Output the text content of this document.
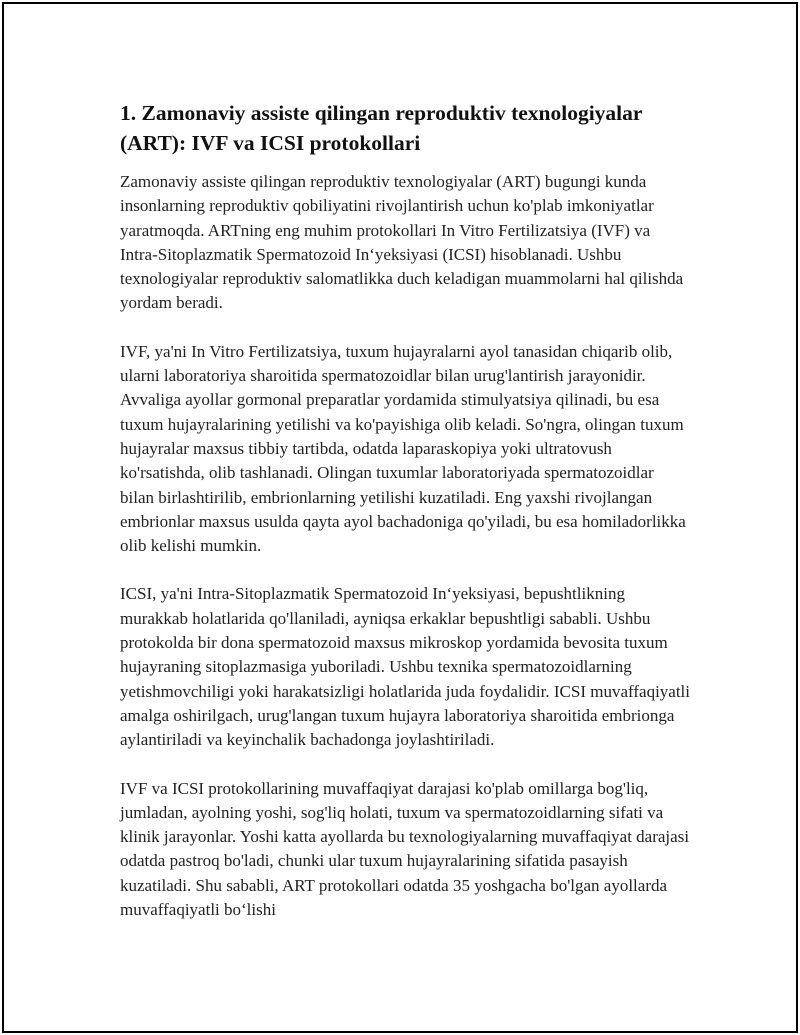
1. Zamonaviy assiste qilingan reproduktiv texnologiyalar (ART): IVF va ICSI protokollari

Zamonaviy assiste qilingan reproduktiv texnologiyalar (ART) bugungi kunda insonlarning reproduktiv qobiliyatini rivojlantirish uchun ko'plab imkoniyatlar yaratmoqda. ARTning eng muhim protokollari In Vitro Fertilizatsiya (IVF) va Intra-Sitoplazmatik Spermatozoid In‘yeksiyasi (ICSI) hisoblanadi. Ushbu texnologiyalar reproduktiv salomatlikka duch keladigan muammolarni hal qilishda yordam beradi.

IVF, ya'ni In Vitro Fertilizatsiya, tuxum hujayralarni ayol tanasidan chiqarib olib, ularni laboratoriya sharoitida spermatozoidlar bilan urug'lantirish jarayonidir. Avvaliga ayollar gormonal preparatlar yordamida stimulyatsiya qilinadi, bu esa tuxum hujayralarining yetilishi va ko'payishiga olib keladi. So'ngra, olingan tuxum hujayralar maxsus tibbiy tartibda, odatda laparaskopiya yoki ultratovush ko'rsatishda, olib tashlanadi. Olingan tuxumlar laboratoriyada spermatozoidlar bilan birlashtirilib, embrionlarning yetilishi kuzatiladi. Eng yaxshi rivojlangan embrionlar maxsus usulda qayta ayol bachadoniga qo'yiladi, bu esa homiladorlikka olib kelishi mumkin.

ICSI, ya'ni Intra-Sitoplazmatik Spermatozoid In‘yeksiyasi, bepushtlikning murakkab holatlarida qo'llaniladi, ayniqsa erkaklar bepushtligi sababli. Ushbu protokolda bir dona spermatozoid maxsus mikroskop yordamida bevosita tuxum hujayraning sitoplazmasiga yuboriladi. Ushbu texnika spermatozoidlarning yetishmovchiligi yoki harakatsizligi holatlarida juda foydalidir. ICSI muvaffaqiyatli amalga oshirilgach, urug'langan tuxum hujayra laboratoriya sharoitida embrionga aylantiriladi va keyinchalik bachadonga joylashtiriladi.

IVF va ICSI protokollarining muvaffaqiyat darajasi ko'plab omillarga bog'liq, jumladan, ayolning yoshi, sog'liq holati, tuxum va spermatozoidlarning sifati va klinik jarayonlar. Yoshi katta ayollarda bu texnologiyalarning muvaffaqiyat darajasi odatda pastroq bo'ladi, chunki ular tuxum hujayralarining sifatida pasayish kuzatiladi. Shu sababli, ART protokollari odatda 35 yoshgacha bo'lgan ayollarda muvaffaqiyatli bo‘lishi
